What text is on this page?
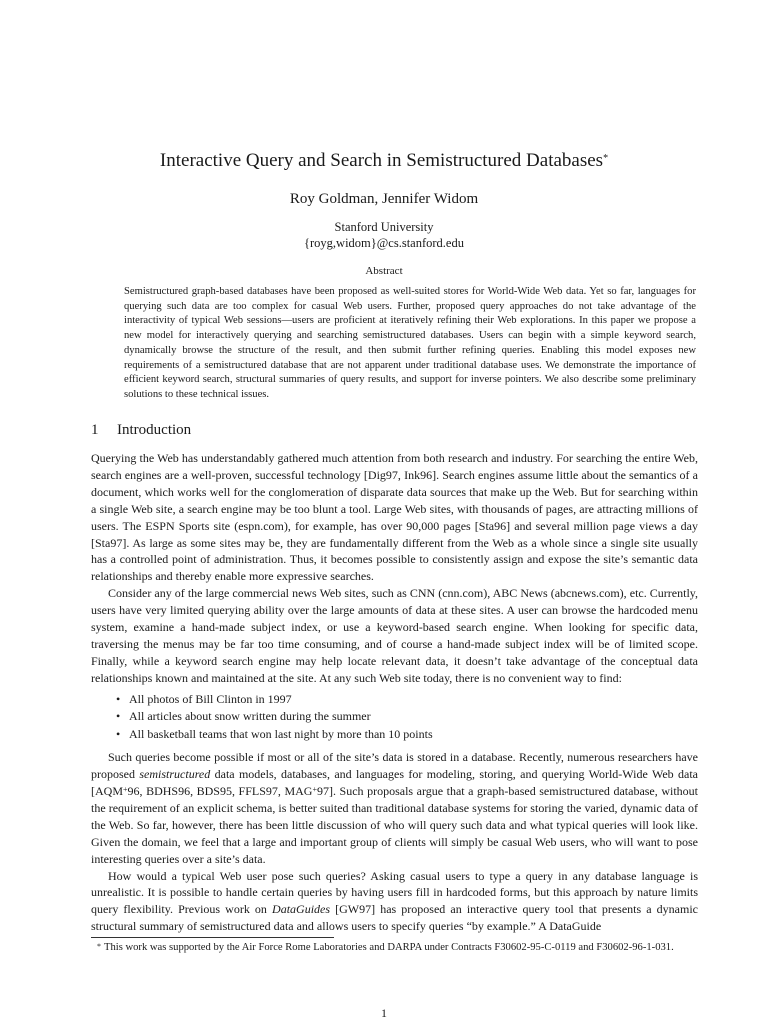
Interactive Query and Search in Semistructured Databases*
Roy Goldman, Jennifer Widom
Stanford University
{royg,widom}@cs.stanford.edu
Abstract
Semistructured graph-based databases have been proposed as well-suited stores for World-Wide Web data. Yet so far, languages for querying such data are too complex for casual Web users. Further, proposed query approaches do not take advantage of the interactivity of typical Web sessions—users are proficient at iteratively refining their Web explorations. In this paper we propose a new model for interactively querying and searching semistructured databases. Users can begin with a simple keyword search, dynamically browse the structure of the result, and then submit further refining queries. Enabling this model exposes new requirements of a semistructured database that are not apparent under traditional database uses. We demonstrate the importance of efficient keyword search, structural summaries of query results, and support for inverse pointers. We also describe some preliminary solutions to these technical issues.
1 Introduction

Querying the Web has understandably gathered much attention from both research and industry. For searching the entire Web, search engines are a well-proven, successful technology [Dig97, Ink96]. Search engines assume little about the semantics of a document, which works well for the conglomeration of disparate data sources that make up the Web. But for searching within a single Web site, a search engine may be too blunt a tool. Large Web sites, with thousands of pages, are attracting millions of users. The ESPN Sports site (espn.com), for example, has over 90,000 pages [Sta96] and several million page views a day [Sta97]. As large as some sites may be, they are fundamentally different from the Web as a whole since a single site usually has a controlled point of administration. Thus, it becomes possible to consistently assign and expose the site’s semantic data relationships and thereby enable more expressive searches.

Consider any of the large commercial news Web sites, such as CNN (cnn.com), ABC News (abcnews.com), etc. Currently, users have very limited querying ability over the large amounts of data at these sites. A user can browse the hardcoded menu system, examine a hand-made subject index, or use a keyword-based search engine. When looking for specific data, traversing the menus may be far too time consuming, and of course a hand-made subject index will be of limited scope. Finally, while a keyword search engine may help locate relevant data, it doesn’t take advantage of the conceptual data relationships known and maintained at the site. At any such Web site today, there is no convenient way to find:

• All photos of Bill Clinton in 1997
• All articles about snow written during the summer
• All basketball teams that won last night by more than 10 points

Such queries become possible if most or all of the site’s data is stored in a database. Recently, numerous researchers have proposed semistructured data models, databases, and languages for modeling, storing, and querying World-Wide Web data [AQM+96, BDHS96, BDS95, FFLS97, MAG+97]. Such proposals argue that a graph-based semistructured database, without the requirement of an explicit schema, is better suited than traditional database systems for storing the varied, dynamic data of the Web. So far, however, there has been little discussion of who will query such data and what typical queries will look like. Given the domain, we feel that a large and important group of clients will simply be casual Web users, who will want to pose interesting queries over a site’s data.

How would a typical Web user pose such queries? Asking casual users to type a query in any database language is unrealistic. It is possible to handle certain queries by having users fill in hardcoded forms, but this approach by nature limits query flexibility. Previous work on DataGuides [GW97] has proposed an interactive query tool that presents a dynamic structural summary of semistructured data and allows users to specify queries “by example.” A DataGuide

* This work was supported by the Air Force Rome Laboratories and DARPA under Contracts F30602-95-C-0119 and F30602-96-1-031.
1
